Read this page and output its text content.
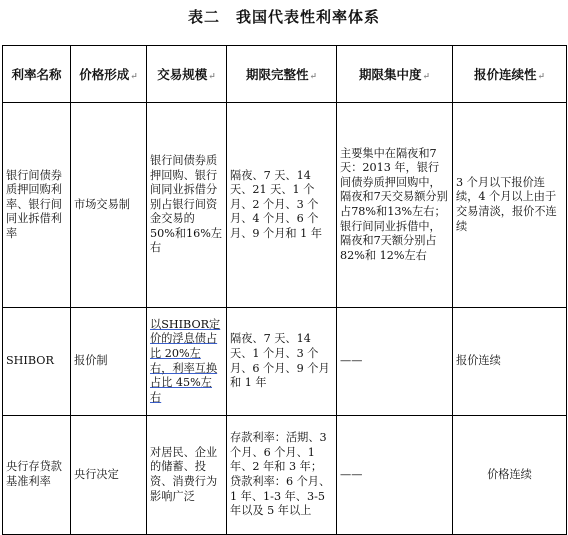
表二　我国代表性利率体系
利率名称	价格形成↵	交易规模↵	期限完整性↵	期限集中度↵	报价连续性↵

银行间债券质押回购利率、银行间同业拆借利率	市场交易制	银行间债券质押回购、银行间同业拆借分别占银行间资金交易的 50%和16%左右	隔夜、7 天、14 天、21 天、1 个月、2 个月、3 个月、4 个月、6 个月、9 个月和 1 年	主要集中在隔夜和7天：2013 年，银行间债券质押回购中，隔夜和7天交易额分别占78%和13%左右；银行间同业拆借中，隔夜和7天额分别占 82%和 12%左右	3 个月以下报价连续，4 个月以上由于交易清淡，报价不连续

SHIBOR	报价制	以SHIBOR定价的浮息债占比 20%左右，利率互换占比 45%左右	隔夜、7 天、14 天、1 个月、3 个月、6 个月、9 个月和 1 年	——	报价连续

央行存贷款基准利率	央行决定	对居民、企业的储蓄、投资、消费行为影响广泛	存款利率：活期、3 个月、6 个月、1 年、2 年和 3 年；贷款利率：6 个月、1 年、1-3 年、3-5 年以及 5 年以上	——	价格连续
